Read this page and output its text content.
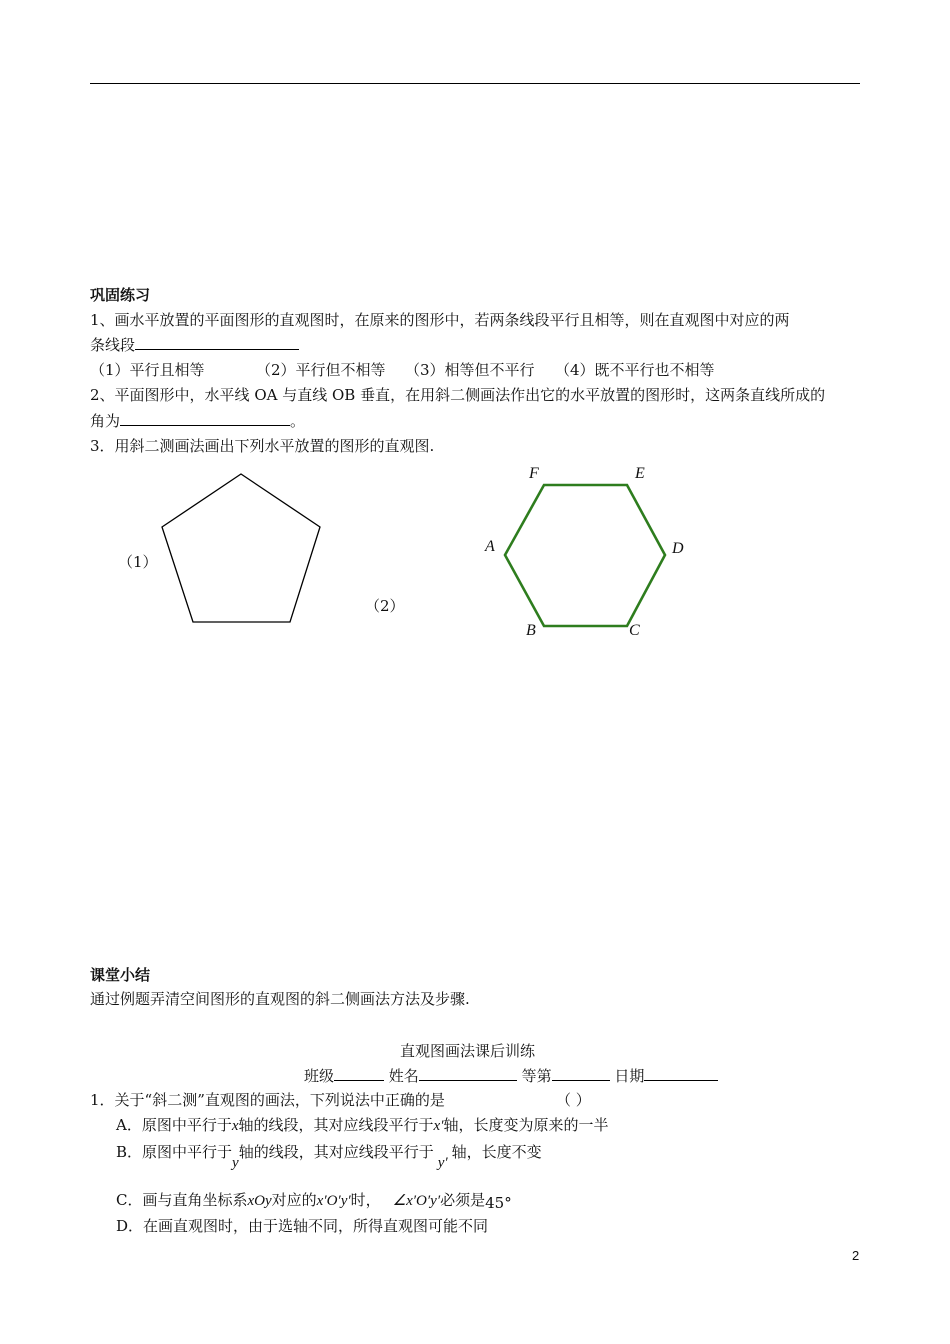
巩固练习
1、画水平放置的平面图形的直观图时，在原来的图形中，若两条线段平行且相等，则在直观图中对应的两
条线段
（1）平行且相等	（2）平行但不相等 （3）相等但不平行 （4）既不平行也不相等
2、平面图形中，水平线 OA 与直线 OB 垂直，在用斜二侧画法作出它的水平放置的图形时，这两条直线所成的
角为	。
3．用斜二测画法画出下列水平放置的图形的直观图.
（1）
（2）
F	E
D
C
B
A
课堂小结
通过例题弄清空间图形的直观图的斜二侧画法方法及步骤.
直观图画法课后训练
班级	姓名	等第	日期
1．关于“斜二测”直观图的画法，下列说法中正确的是	（ ）
A．原图中平行于x轴的线段，其对应线段平行于x′轴，长度变为原来的一半
B．原图中平行于y轴的线段，其对应线段平行于y′轴，长度不变
C．画与直角坐标系xOy对应的x′O′y′时， ∠x′O′y′必须是45°
D．在画直观图时，由于选轴不同，所得直观图可能不同
2
